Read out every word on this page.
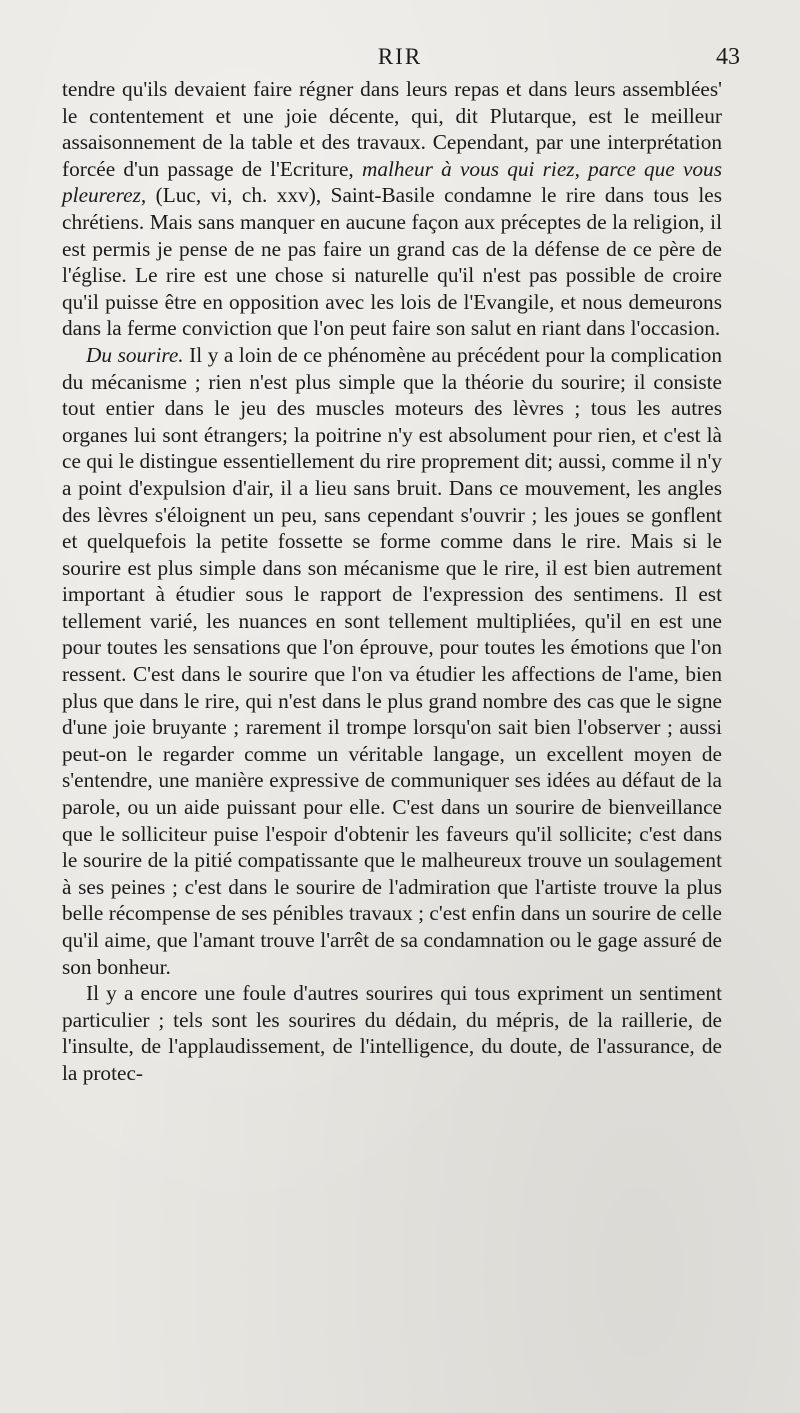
RIR	43

tendre qu'ils devaient faire régner dans leurs repas et dans leurs assemblées' le contentement et une joie décente, qui, dit Plutarque, est le meilleur assaisonnement de la table et des travaux. Cependant, par une interprétation forcée d'un passage de l'Ecriture, malheur à vous qui riez, parce que vous pleurerez, (Luc, vi, ch. xxv), Saint-Basile condamne le rire dans tous les chrétiens. Mais sans manquer en aucune façon aux préceptes de la religion, il est permis je pense de ne pas faire un grand cas de la défense de ce père de l'église. Le rire est une chose si naturelle qu'il n'est pas possible de croire qu'il puisse être en opposition avec les lois de l'Evangile, et nous demeurons dans la ferme conviction que l'on peut faire son salut en riant dans l'occasion.

Du sourire. Il y a loin de ce phénomène au précédent pour la complication du mécanisme ; rien n'est plus simple que la théorie du sourire; il consiste tout entier dans le jeu des muscles moteurs des lèvres ; tous les autres organes lui sont étrangers; la poitrine n'y est absolument pour rien, et c'est là ce qui le distingue essentiellement du rire proprement dit; aussi, comme il n'y a point d'expulsion d'air, il a lieu sans bruit. Dans ce mouvement, les angles des lèvres s'éloignent un peu, sans cependant s'ouvrir ; les joues se gonflent et quelquefois la petite fossette se forme comme dans le rire. Mais si le sourire est plus simple dans son mécanisme que le rire, il est bien autrement important à étudier sous le rapport de l'expression des sentimens. Il est tellement varié, les nuances en sont tellement multipliées, qu'il en est une pour toutes les sensations que l'on éprouve, pour toutes les émotions que l'on ressent. C'est dans le sourire que l'on va étudier les affections de l'ame, bien plus que dans le rire, qui n'est dans le plus grand nombre des cas que le signe d'une joie bruyante ; rarement il trompe lorsqu'on sait bien l'observer ; aussi peut-on le regarder comme un véritable langage, un excellent moyen de s'entendre, une manière expressive de communiquer ses idées au défaut de la parole, ou un aide puissant pour elle. C'est dans un sourire de bienveillance que le solliciteur puise l'espoir d'obtenir les faveurs qu'il sollicite; c'est dans le sourire de la pitié compatissante que le malheureux trouve un soulagement à ses peines ; c'est dans le sourire de l'admiration que l'artiste trouve la plus belle récompense de ses pénibles travaux ; c'est enfin dans un sourire de celle qu'il aime, que l'amant trouve l'arrêt de sa condamnation ou le gage assuré de son bonheur.

Il y a encore une foule d'autres sourires qui tous expriment un sentiment particulier ; tels sont les sourires du dédain, du mépris, de la raillerie, de l'insulte, de l'applaudissement, de l'intelligence, du doute, de l'assurance, de la protec-
